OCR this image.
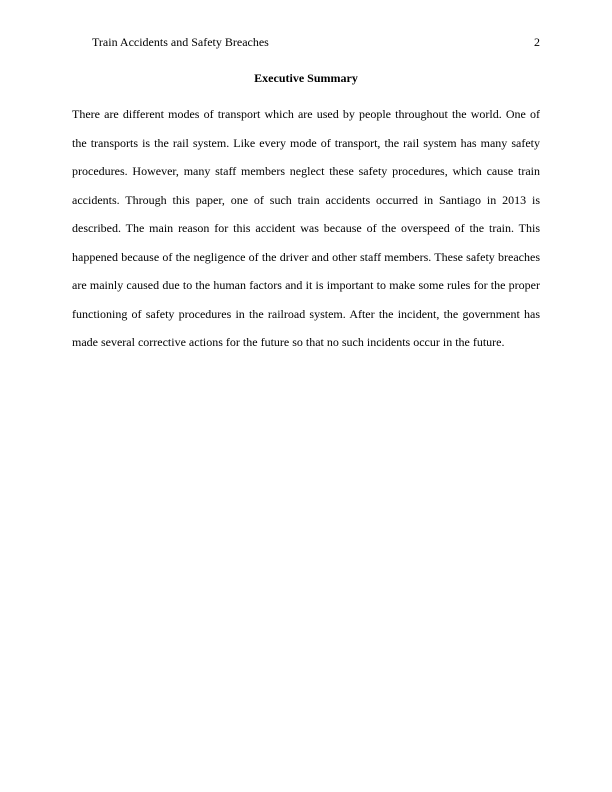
Train Accidents and Safety Breaches	2
Executive Summary

There are different modes of transport which are used by people throughout the world. One of the transports is the rail system. Like every mode of transport, the rail system has many safety procedures. However, many staff members neglect these safety procedures, which cause train accidents. Through this paper, one of such train accidents occurred in Santiago in 2013 is described. The main reason for this accident was because of the overspeed of the train. This happened because of the negligence of the driver and other staff members. These safety breaches are mainly caused due to the human factors and it is important to make some rules for the proper functioning of safety procedures in the railroad system. After the incident, the government has made several corrective actions for the future so that no such incidents occur in the future.
